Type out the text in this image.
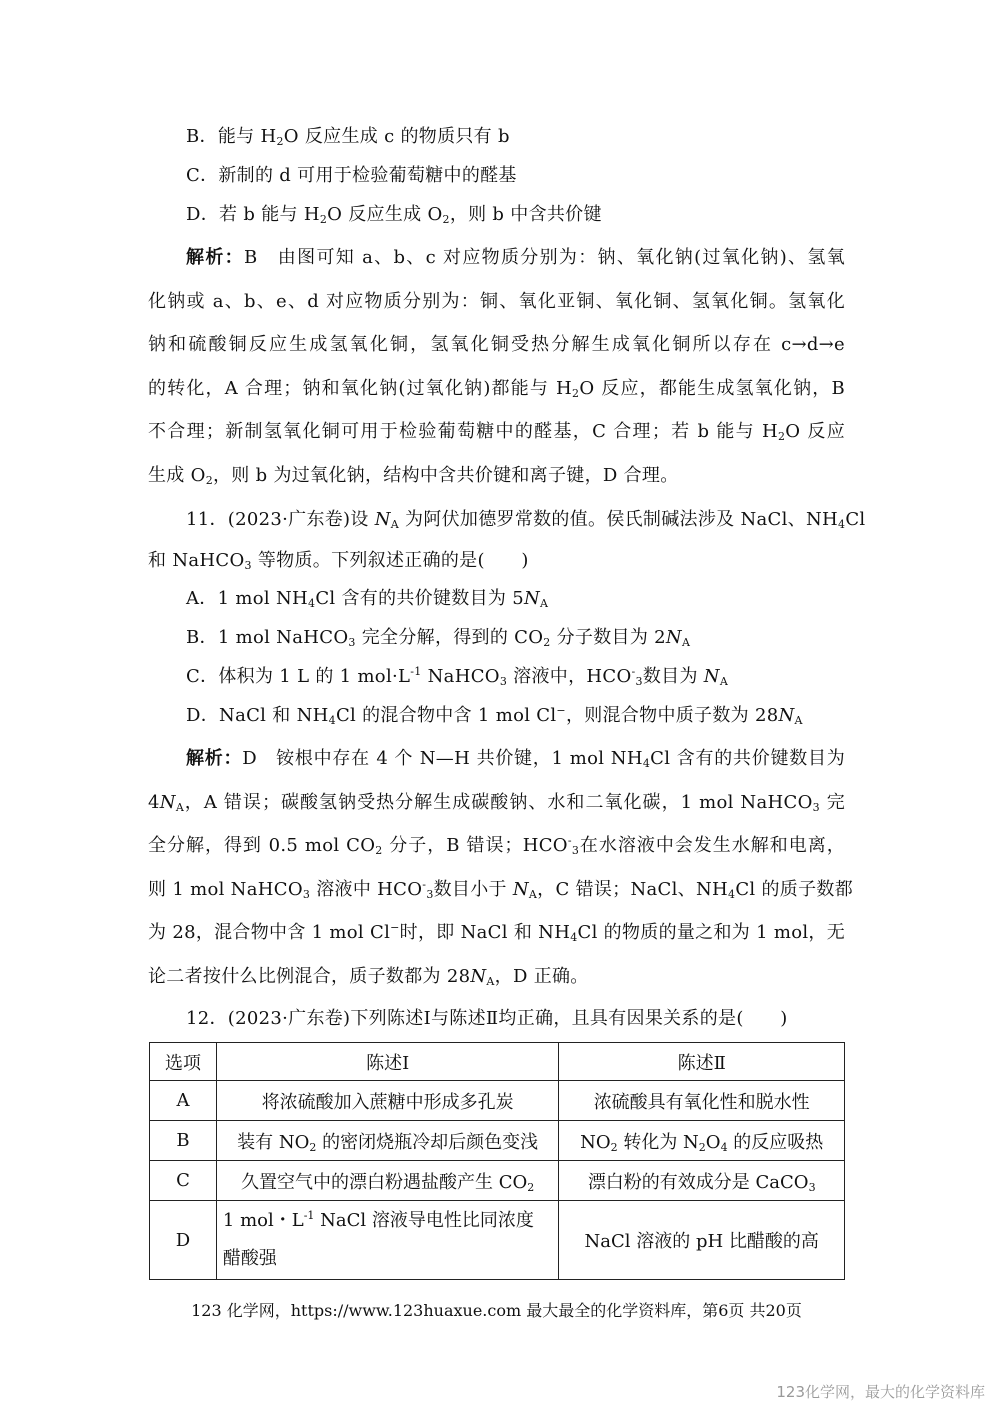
B．能与 $H_2O$ 反应生成 c 的物质只有 b
C．新制的 d 可用于检验葡萄糖中的醛基
D．若 b 能与 $H_2O$ 反应生成 $O_2$，则 b 中含共价键
解析：B　由图可知 a、b、c 对应物质分别为：钠、氧化钠(过氧化钠)、氢氧
化钠或 a、b、e、d 对应物质分别为：铜、氧化亚铜、氧化铜、氢氧化铜。氢氧化
钠和硫酸铜反应生成氢氧化铜，氢氧化铜受热分解生成氧化铜所以存在 c→d→e
的转化，A 合理；钠和氧化钠(过氧化钠)都能与 $H_2O$ 反应，都能生成氢氧化钠，B
不合理；新制氢氧化铜可用于检验葡萄糖中的醛基，C 合理；若 b 能与 $H_2O$ 反应
生成 $O_2$，则 b 为过氧化钠，结构中含共价键和离子键，D 合理。
11．(2023·广东卷)设 $N_A$ 为阿伏加德罗常数的值。侯氏制碱法涉及 NaCl、$NH_4Cl$
和 NaHCO$_3$ 等物质。下列叙述正确的是(　　)
A．1 mol $NH_4Cl$ 含有的共价键数目为 $5N_A$
B．1 mol NaHCO$_3$ 完全分解，得到的 $CO_2$ 分子数目为 $2N_A$
C．体积为 1 L 的 1 $mol\cdot L^{-1}$ NaHCO$_3$ 溶液中，$HCO^-_3$数目为 $N_A$
D．NaCl 和 $NH_4Cl$ 的混合物中含 1 mol Cl−，则混合物中质子数为 $28N_A$
解析：D　铵根中存在 4 个 N—H 共价键，1 mol $NH_4Cl$ 含有的共价键数目为
$4N_A$，A 错误；碳酸氢钠受热分解生成碳酸钠、水和二氧化碳，1 mol NaHCO$_3$ 完
全分解，得到 0.5 mol $CO_2$ 分子，B 错误；$HCO^-_3$在水溶液中会发生水解和电离，
则 1 mol NaHCO$_3$ 溶液中 $HCO^-_3$数目小于 $N_A$，C 错误；NaCl、$NH_4Cl$ 的质子数都
为 28，混合物中含 1 mol Cl−时，即 NaCl 和 $NH_4Cl$ 的物质的量之和为 1 mol，无
论二者按什么比例混合，质子数都为 $28N_A$，D 正确。
12．(2023·广东卷)下列陈述Ⅰ与陈述Ⅱ均正确，且具有因果关系的是(　　)
选项	陈述Ⅰ	陈述Ⅱ
A	将浓硫酸加入蔗糖中形成多孔炭	浓硫酸具有氧化性和脱水性
B	装有 $NO_2$ 的密闭烧瓶冷却后颜色变浅	$NO_2$ 转化为 $N_2O_4$ 的反应吸热
C	久置空气中的漂白粉遇盐酸产生 $CO_2$	漂白粉的有效成分是 CaCO$_3$
D	1 mol・$L^{-1}$ NaCl 溶液导电性比同浓度
醋酸强	NaCl 溶液的 pH 比醋酸的高
123 化学网，https://www.123huaxue.com 最大最全的化学资料库，第6页 共20页
123化学网，最大的化学资料库
